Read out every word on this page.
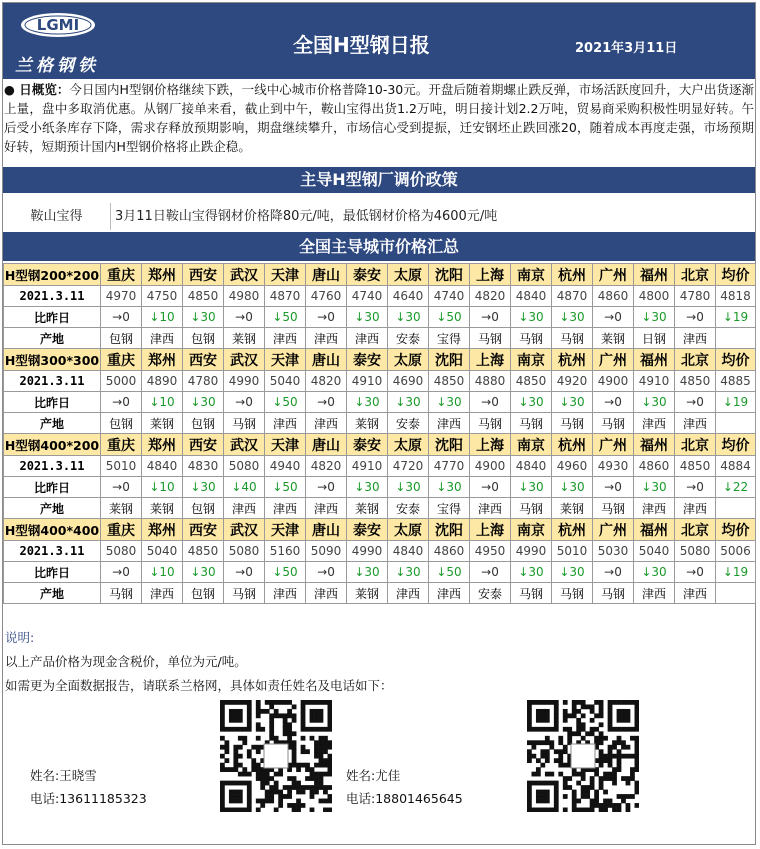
LGMI
兰格钢铁
全国H型钢日报	2021年3月11日
● 日概览：今日国内H型钢价格继续下跌，一线中心城市价格普降10-30元。开盘后随着期螺止跌反弹，市场活跃度回升，大户出货逐渐上量，盘中多取消优惠。从钢厂接单来看，截止到中午，鞍山宝得出货1.2万吨，明日接计划2.2万吨，贸易商采购积极性明显好转。午后受小纸条库存下降，需求存释放预期影响，期盘继续攀升，市场信心受到提振，迁安钢坯止跌回涨20，随着成本再度走强，市场预期好转，短期预计国内H型钢价格将止跌企稳。
主导H型钢厂调价政策
鞍山宝得	3月11日鞍山宝得钢材价格降80元/吨，最低钢材价格为4600元/吨
全国主导城市价格汇总
H型钢200*200	重庆	郑州	西安	武汉	天津	唐山	泰安	太原	沈阳	上海	南京	杭州	广州	福州	北京	均价
2021.3.11	4970	4750	4850	4980	4870	4760	4740	4640	4740	4820	4840	4870	4860	4800	4780	4818
比昨日	→0	↓10	↓30	→0	↓50	→0	↓30	↓30	↓50	→0	↓30	↓30	→0	↓30	→0	↓19
产地	包钢	津西	包钢	莱钢	津西	津西	津西	安泰	宝得	马钢	马钢	马钢	莱钢	日钢	津西	
H型钢300*300	重庆	郑州	西安	武汉	天津	唐山	泰安	太原	沈阳	上海	南京	杭州	广州	福州	北京	均价
2021.3.11	5000	4890	4780	4990	5040	4820	4910	4690	4850	4880	4850	4920	4900	4910	4850	4885
比昨日	→0	↓10	↓30	→0	↓50	→0	↓30	↓30	↓30	→0	↓30	↓30	→0	↓30	→0	↓19
产地	包钢	莱钢	包钢	马钢	津西	津西	莱钢	安泰	津西	马钢	马钢	马钢	马钢	津西	津西	
H型钢400*200	重庆	郑州	西安	武汉	天津	唐山	泰安	太原	沈阳	上海	南京	杭州	广州	福州	北京	均价
2021.3.11	5010	4840	4830	5080	4940	4820	4910	4720	4770	4900	4840	4960	4930	4860	4850	4884
比昨日	→0	↓10	↓30	↓40	↓50	→0	↓30	↓30	↓30	→0	↓30	↓30	→0	↓30	→0	↓22
产地	莱钢	莱钢	包钢	津西	津西	津西	莱钢	安泰	宝得	津西	马钢	莱钢	马钢	津西	津西	
H型钢400*400	重庆	郑州	西安	武汉	天津	唐山	泰安	太原	沈阳	上海	南京	杭州	广州	福州	北京	均价
2021.3.11	5080	5040	4850	5080	5160	5090	4990	4840	4860	4950	4990	5010	5030	5040	5080	5006
比昨日	→0	↓10	↓30	→0	↓50	→0	↓30	↓30	↓50	→0	↓30	↓30	→0	↓30	→0	↓19
产地	马钢	津西	包钢	马钢	津西	津西	莱钢	津西	津西	安泰	马钢	马钢	马钢	津西	津西	
说明:
以上产品价格为现金含税价，单位为元/吨。
如需更为全面数据报告，请联系兰格网，具体如责任姓名及电话如下：
姓名:王晓雪
电话:13611185323
姓名:尤佳
电话:18801465645
